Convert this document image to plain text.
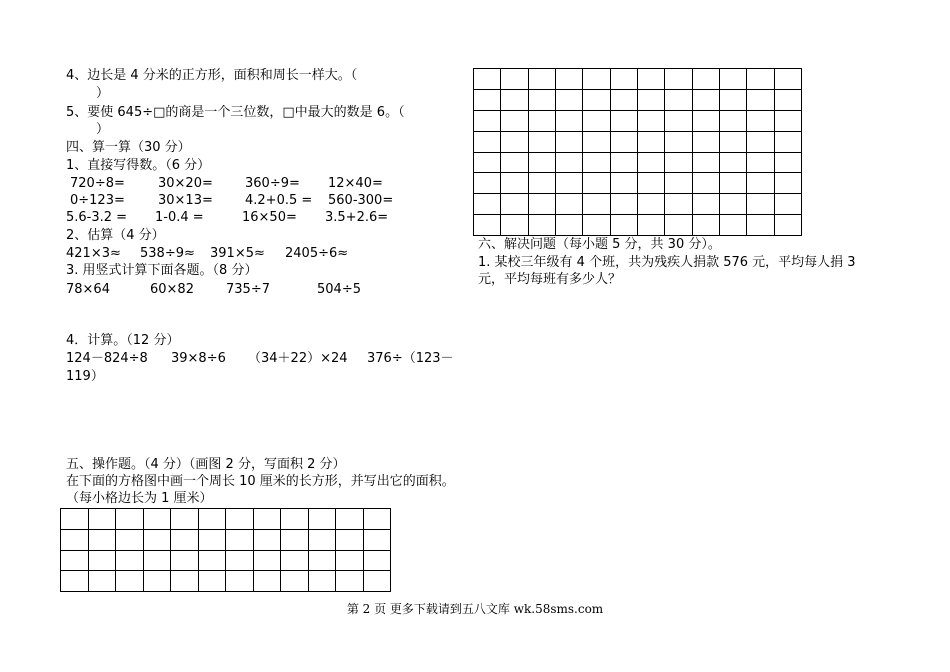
4、边长是 4 分米的正方形，面积和周长一样大。（
）
5、要使 645÷□的商是一个三位数，□中最大的数是 6。（
）
四、算一算（30 分）
1、直接写得数。（6 分）
720÷8=	30×20= 360÷9= 12×40=
0÷123=	30×13= 4.2+0.5 = 560-300=
5.6-3.2 = 1-0.4 =	16×50= 3.5+2.6=
2、估算（4 分）
421×3≈ 538÷9≈ 391×5≈ 2405÷6≈
3. 用竖式计算下面各题。（8 分）
78×64	60×82 735÷7	504÷5
4．计算。（12 分）
124－824÷8 39×8÷6 （34＋22）×24 376÷（123－
119）
五、操作题。（4 分）（画图 2 分，写面积 2 分）
在下面的方格图中画一个周长 10 厘米的长方形，并写出它的面积。
（每小格边长为 1 厘米）

六、解决问题（每小题 5 分，共 30 分）。
1. 某校三年级有 4 个班，共为残疾人捐款 576 元，平均每人捐 3
元，平均每班有多少人？
第 2 页 更多下载请到五八文库 wk.58sms.com
